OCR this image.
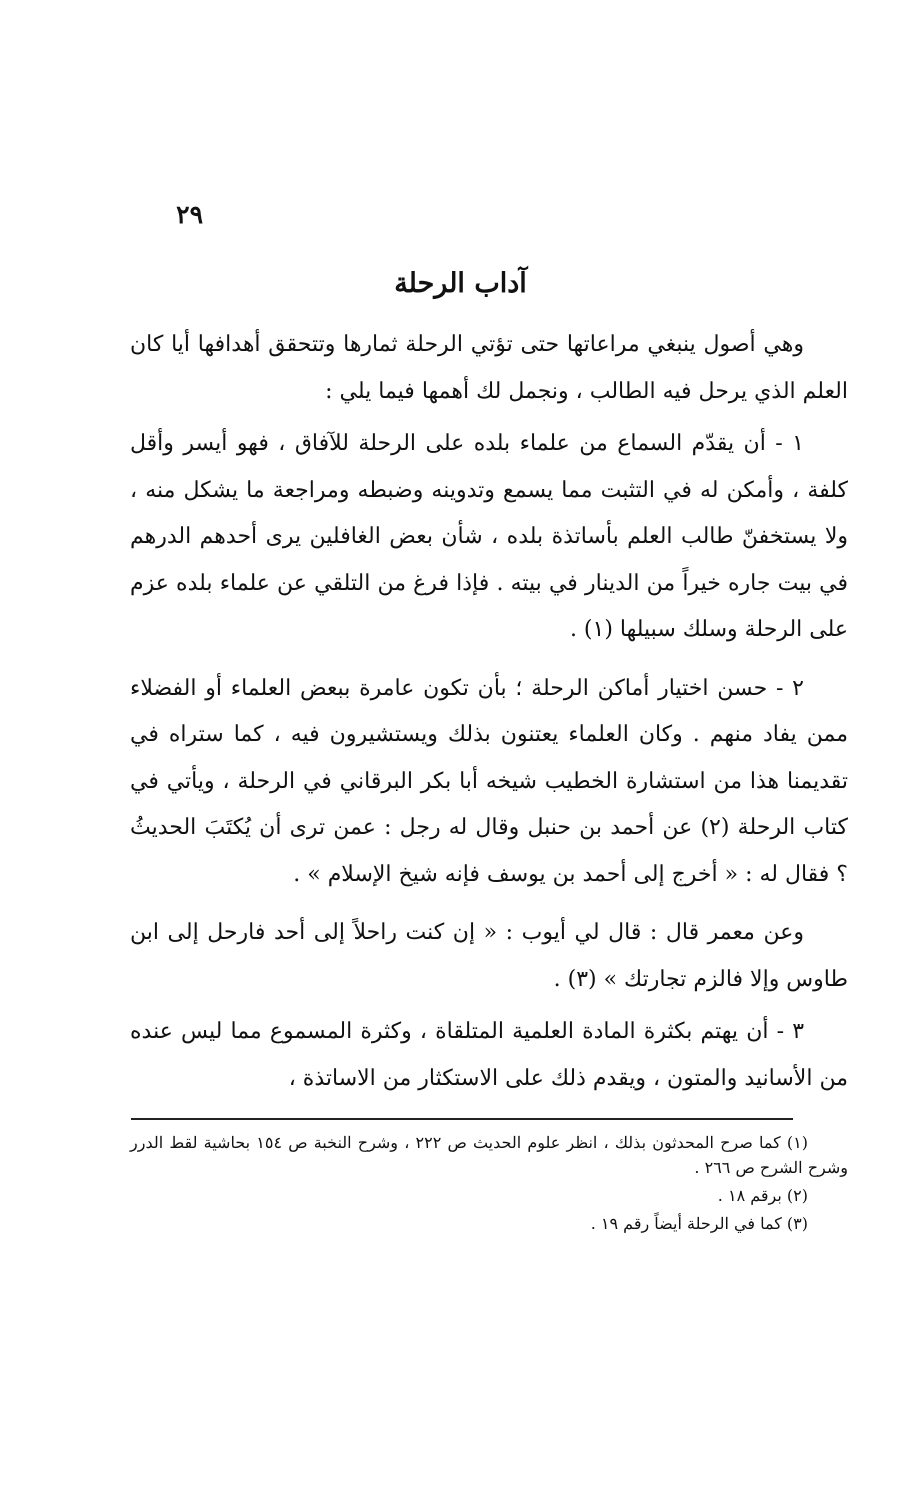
٢٩
آداب الرحلة

وهي أصول ينبغي مراعاتها حتى تؤتي الرحلة ثمارها وتتحقق أهدافها أيا كان العلم الذي يرحل فيه الطالب ، ونجمل لك أهمها فيما يلي :

١ - أن يقدّم السماع من علماء بلده على الرحلة للآفاق ، فهو أيسر وأقل كلفة ، وأمكن له في التثبت مما يسمع وتدوينه وضبطه ومراجعة ما يشكل منه ، ولا يستخفنّ طالب العلم بأساتذة بلده ، شأن بعض الغافلين يرى أحدهم الدرهم في بيت جاره خيراً من الدينار في بيته . فإذا فرغ من التلقي عن علماء بلده عزم على الرحلة وسلك سبيلها (١) .

٢ - حسن اختيار أماكن الرحلة ؛ بأن تكون عامرة ببعض العلماء أو الفضلاء ممن يفاد منهم . وكان العلماء يعتنون بذلك ويستشيرون فيه ، كما ستراه في تقديمنا هذا من استشارة الخطيب شيخه أبا بكر البرقاني في الرحلة ، ويأتي في كتاب الرحلة (٢) عن أحمد بن حنبل وقال له رجل : عمن ترى أن يُكتَبَ الحديثُ ؟ فقال له : « أخرج إلى أحمد بن يوسف فإنه شيخ الإسلام » .

وعن معمر قال : قال لي أيوب : « إن كنت راحلاً إلى أحد فارحل إلى ابن طاوس وإلا فالزم تجارتك » (٣) .

٣ - أن يهتم بكثرة المادة العلمية المتلقاة ، وكثرة المسموع مما ليس عنده من الأسانيد والمتون ، ويقدم ذلك على الاستكثار من الاساتذة ،

(١) كما صرح المحدثون بذلك ، انظر علوم الحديث ص ٢٢٢ ، وشرح النخبة ص ١٥٤ بحاشية لقط الدرر وشرح الشرح ص ٢٦٦ .

(٢) برقم ١٨ .

(٣) كما في الرحلة أيضاً رقم ١٩ .
